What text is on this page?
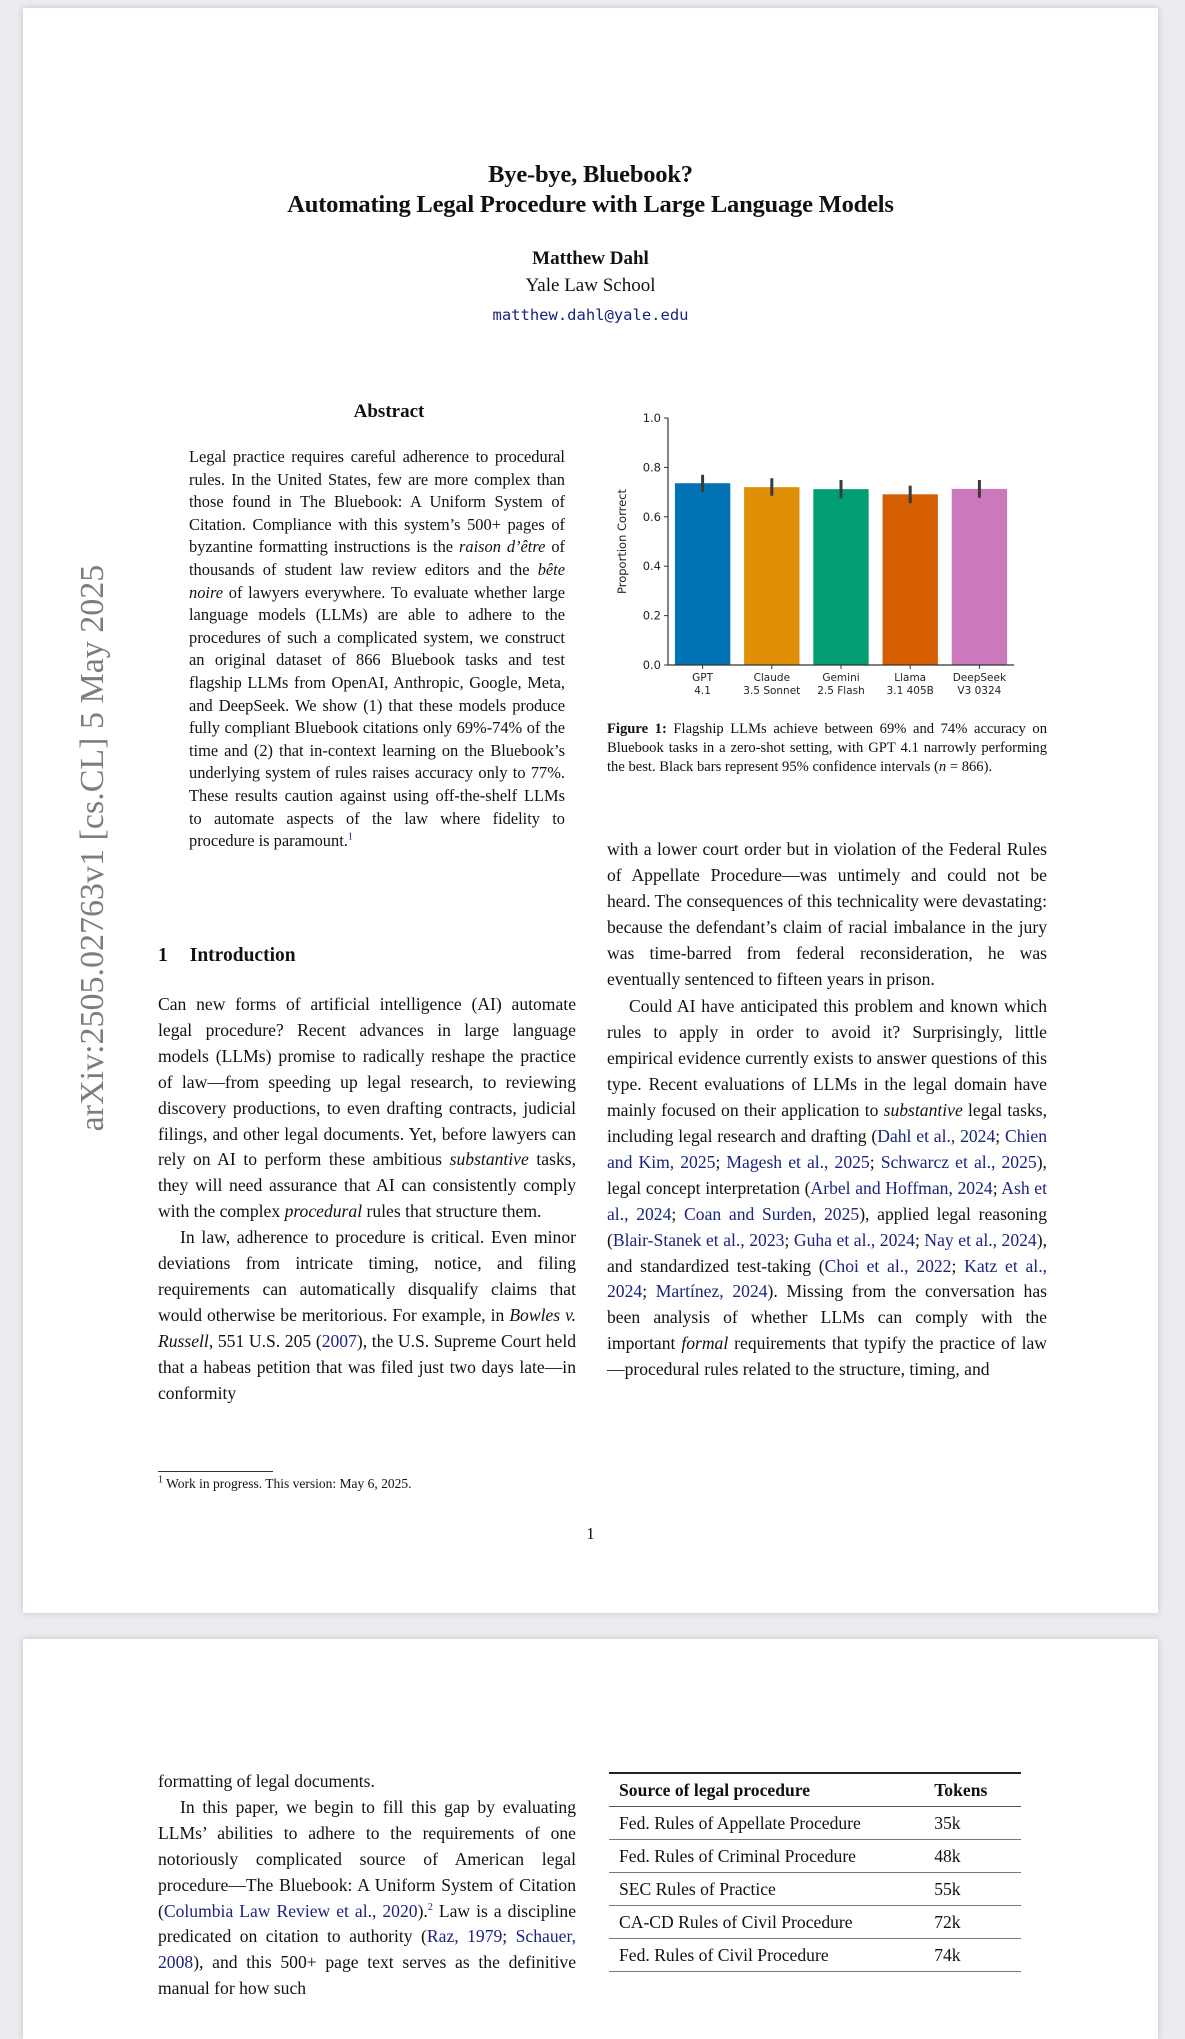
arXiv:2505.02763v1 [cs.CL] 5 May 2025
Bye-bye, Bluebook?
Automating Legal Procedure with Large Language Models
Matthew Dahl
Yale Law School
matthew.dahl@yale.edu
Abstract

Legal practice requires careful adherence to procedural rules. In the United States, few are more complex than those found in The Bluebook: A Uniform System of Citation. Compliance with this system’s 500+ pages of byzantine formatting instructions is the raison d’être of thousands of student law review editors and the bête noire of lawyers everywhere. To evaluate whether large language models (LLMs) are able to adhere to the procedures of such a complicated system, we construct an original dataset of 866 Bluebook tasks and test flagship LLMs from OpenAI, Anthropic, Google, Meta, and DeepSeek. We show (1) that these models produce fully compliant Bluebook citations only 69%-74% of the time and (2) that in-context learning on the Bluebook’s underlying system of rules raises accuracy only to 77%. These results caution against using off-the-shelf LLMs to automate aspects of the law where fidelity to procedure is paramount.$^1$

1 Introduction

Can new forms of artificial intelligence (AI) automate legal procedure? Recent advances in large language models (LLMs) promise to radically reshape the practice of law—from speeding up legal research, to reviewing discovery productions, to even drafting contracts, judicial filings, and other legal documents. Yet, before lawyers can rely on AI to perform these ambitious substantive tasks, they will need assurance that AI can consistently comply with the complex procedural rules that structure them.

In law, adherence to procedure is critical. Even minor deviations from intricate timing, notice, and filing requirements can automatically disqualify claims that would otherwise be meritorious. For example, in Bowles v. Russell, 551 U.S. 205 (2007), the U.S. Supreme Court held that a habeas petition that was filed just two days late—in conformity

$^1$ Work in progress. This version: May 6, 2025.
GPT
4.1
Claude
3.5 Sonnet
Gemini
2.5 Flash
Llama
3.1 405B
DeepSeek
V3 0324
0.0
0.2
0.4
0.6
0.8
1.0
Proportion Correct
Figure 1: Flagship LLMs achieve between 69% and 74% accuracy on Bluebook tasks in a zero-shot setting, with GPT 4.1 narrowly performing the best. Black bars represent 95% confidence intervals (n = 866).

with a lower court order but in violation of the Federal Rules of Appellate Procedure—was untimely and could not be heard. The consequences of this technicality were devastating: because the defendant’s claim of racial imbalance in the jury was time-barred from federal reconsideration, he was eventually sentenced to fifteen years in prison.

Could AI have anticipated this problem and known which rules to apply in order to avoid it? Surprisingly, little empirical evidence currently exists to answer questions of this type. Recent evaluations of LLMs in the legal domain have mainly focused on their application to substantive legal tasks, including legal research and drafting (Dahl et al., 2024; Chien and Kim, 2025; Magesh et al., 2025; Schwarcz et al., 2025), legal concept interpretation (Arbel and Hoffman, 2024; Ash et al., 2024; Coan and Surden, 2025), applied legal reasoning (Blair-Stanek et al., 2023; Guha et al., 2024; Nay et al., 2024), and standardized test-taking (Choi et al., 2022; Katz et al., 2024; Martínez, 2024). Missing from the conversation has been analysis of whether LLMs can comply with the important formal requirements that typify the practice of law—procedural rules related to the structure, timing, and

1

formatting of legal documents.

In this paper, we begin to fill this gap by evaluating LLMs’ abilities to adhere to the requirements of one notoriously complicated source of American legal procedure—The Bluebook: A Uniform System of Citation (Columbia Law Review et al., 2020).$^2$ Law is a discipline predicated on citation to authority (Raz, 1979; Schauer, 2008), and this 500+ page text serves as the definitive manual for how such

Source of legal procedure	Tokens
Fed. Rules of Appellate Procedure	35k
Fed. Rules of Criminal Procedure	48k
SEC Rules of Practice	55k
CA-CD Rules of Civil Procedure	72k
Fed. Rules of Civil Procedure	74k
